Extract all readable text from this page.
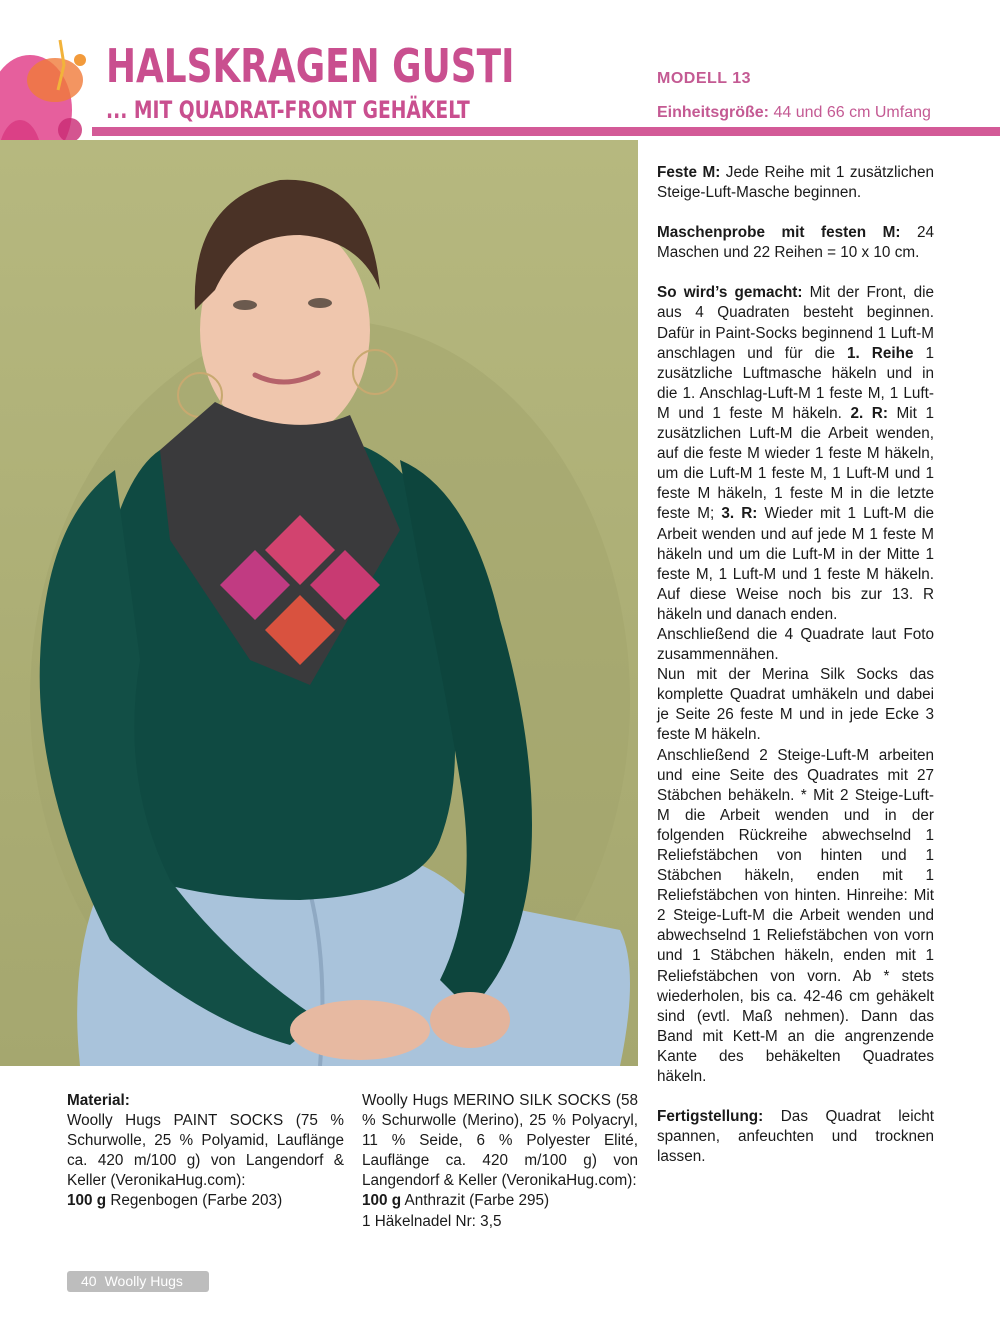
HALSKRAGEN GUSTI
... MIT QUADRAT-FRONT GEHÄKELT
MODELL 13
Einheitsgröße: 44 und 66 cm Umfang

Feste M: Jede Reihe mit 1 zusätzlichen Steige-Luft-Masche beginnen.

Maschenprobe mit festen M: 24 Maschen und 22 Reihen = 10 x 10 cm.

So wird’s gemacht: Mit der Front, die aus 4 Quadraten besteht beginnen. Dafür in Paint-Socks beginnend 1 Luft-M anschlagen und für die 1. Reihe 1 zusätzliche Luftmasche häkeln und in die 1. Anschlag-Luft-M 1 feste M, 1 Luft-M und 1 feste M häkeln. 2. R: Mit 1 zusätzlichen Luft-M die Arbeit wenden, auf die feste M wieder 1 feste M häkeln, um die Luft-M 1 feste M, 1 Luft-M und 1 feste M häkeln, 1 feste M in die letzte feste M; 3. R: Wieder mit 1 Luft-M die Arbeit wenden und auf jede M 1 feste M häkeln und um die Luft-M in der Mitte 1 feste M, 1 Luft-M und 1 feste M häkeln. Auf diese Weise noch bis zur 13. R häkeln und danach enden.

Anschließend die 4 Quadrate laut Foto zusammennähen.

Nun mit der Merina Silk Socks das komplette Quadrat umhäkeln und dabei je Seite 26 feste M und in jede Ecke 3 feste M häkeln.

Anschließend 2 Steige-Luft-M arbeiten und eine Seite des Quadrates mit 27 Stäbchen behäkeln. * Mit 2 Steige-Luft-M die Arbeit wenden und in der folgenden Rückreihe abwechselnd 1 Reliefstäbchen von hinten und 1 Stäbchen häkeln, enden mit 1 Reliefstäbchen von hinten. Hinreihe: Mit 2 Steige-Luft-M die Arbeit wenden und abwechselnd 1 Reliefstäbchen von vorn und 1 Stäbchen häkeln, enden mit 1 Reliefstäbchen von vorn. Ab * stets wiederholen, bis ca. 42-46 cm gehäkelt sind (evtl. Maß nehmen). Dann das Band mit Kett-M an die angrenzende Kante des behäkelten Quadrates häkeln.

Fertigstellung: Das Quadrat leicht spannen, anfeuchten und trocknen lassen.

Material:
Woolly Hugs PAINT SOCKS (75 % Schurwolle, 25 % Polyamid, Lauflänge ca. 420 m/100 g) von Langendorf & Keller (VeronikaHug.com):
100 g Regenbogen (Farbe 203)
Woolly Hugs MERINO SILK SOCKS (58 % Schurwolle (Merino), 25 % Polyacryl, 11 % Seide, 6 % Polyester Elité, Lauflänge ca. 420 m/100 g) von Langendorf & Keller (VeronikaHug.com):
100 g Anthrazit (Farbe 295)
1 Häkelnadel Nr: 3,5
40 Woolly Hugs
